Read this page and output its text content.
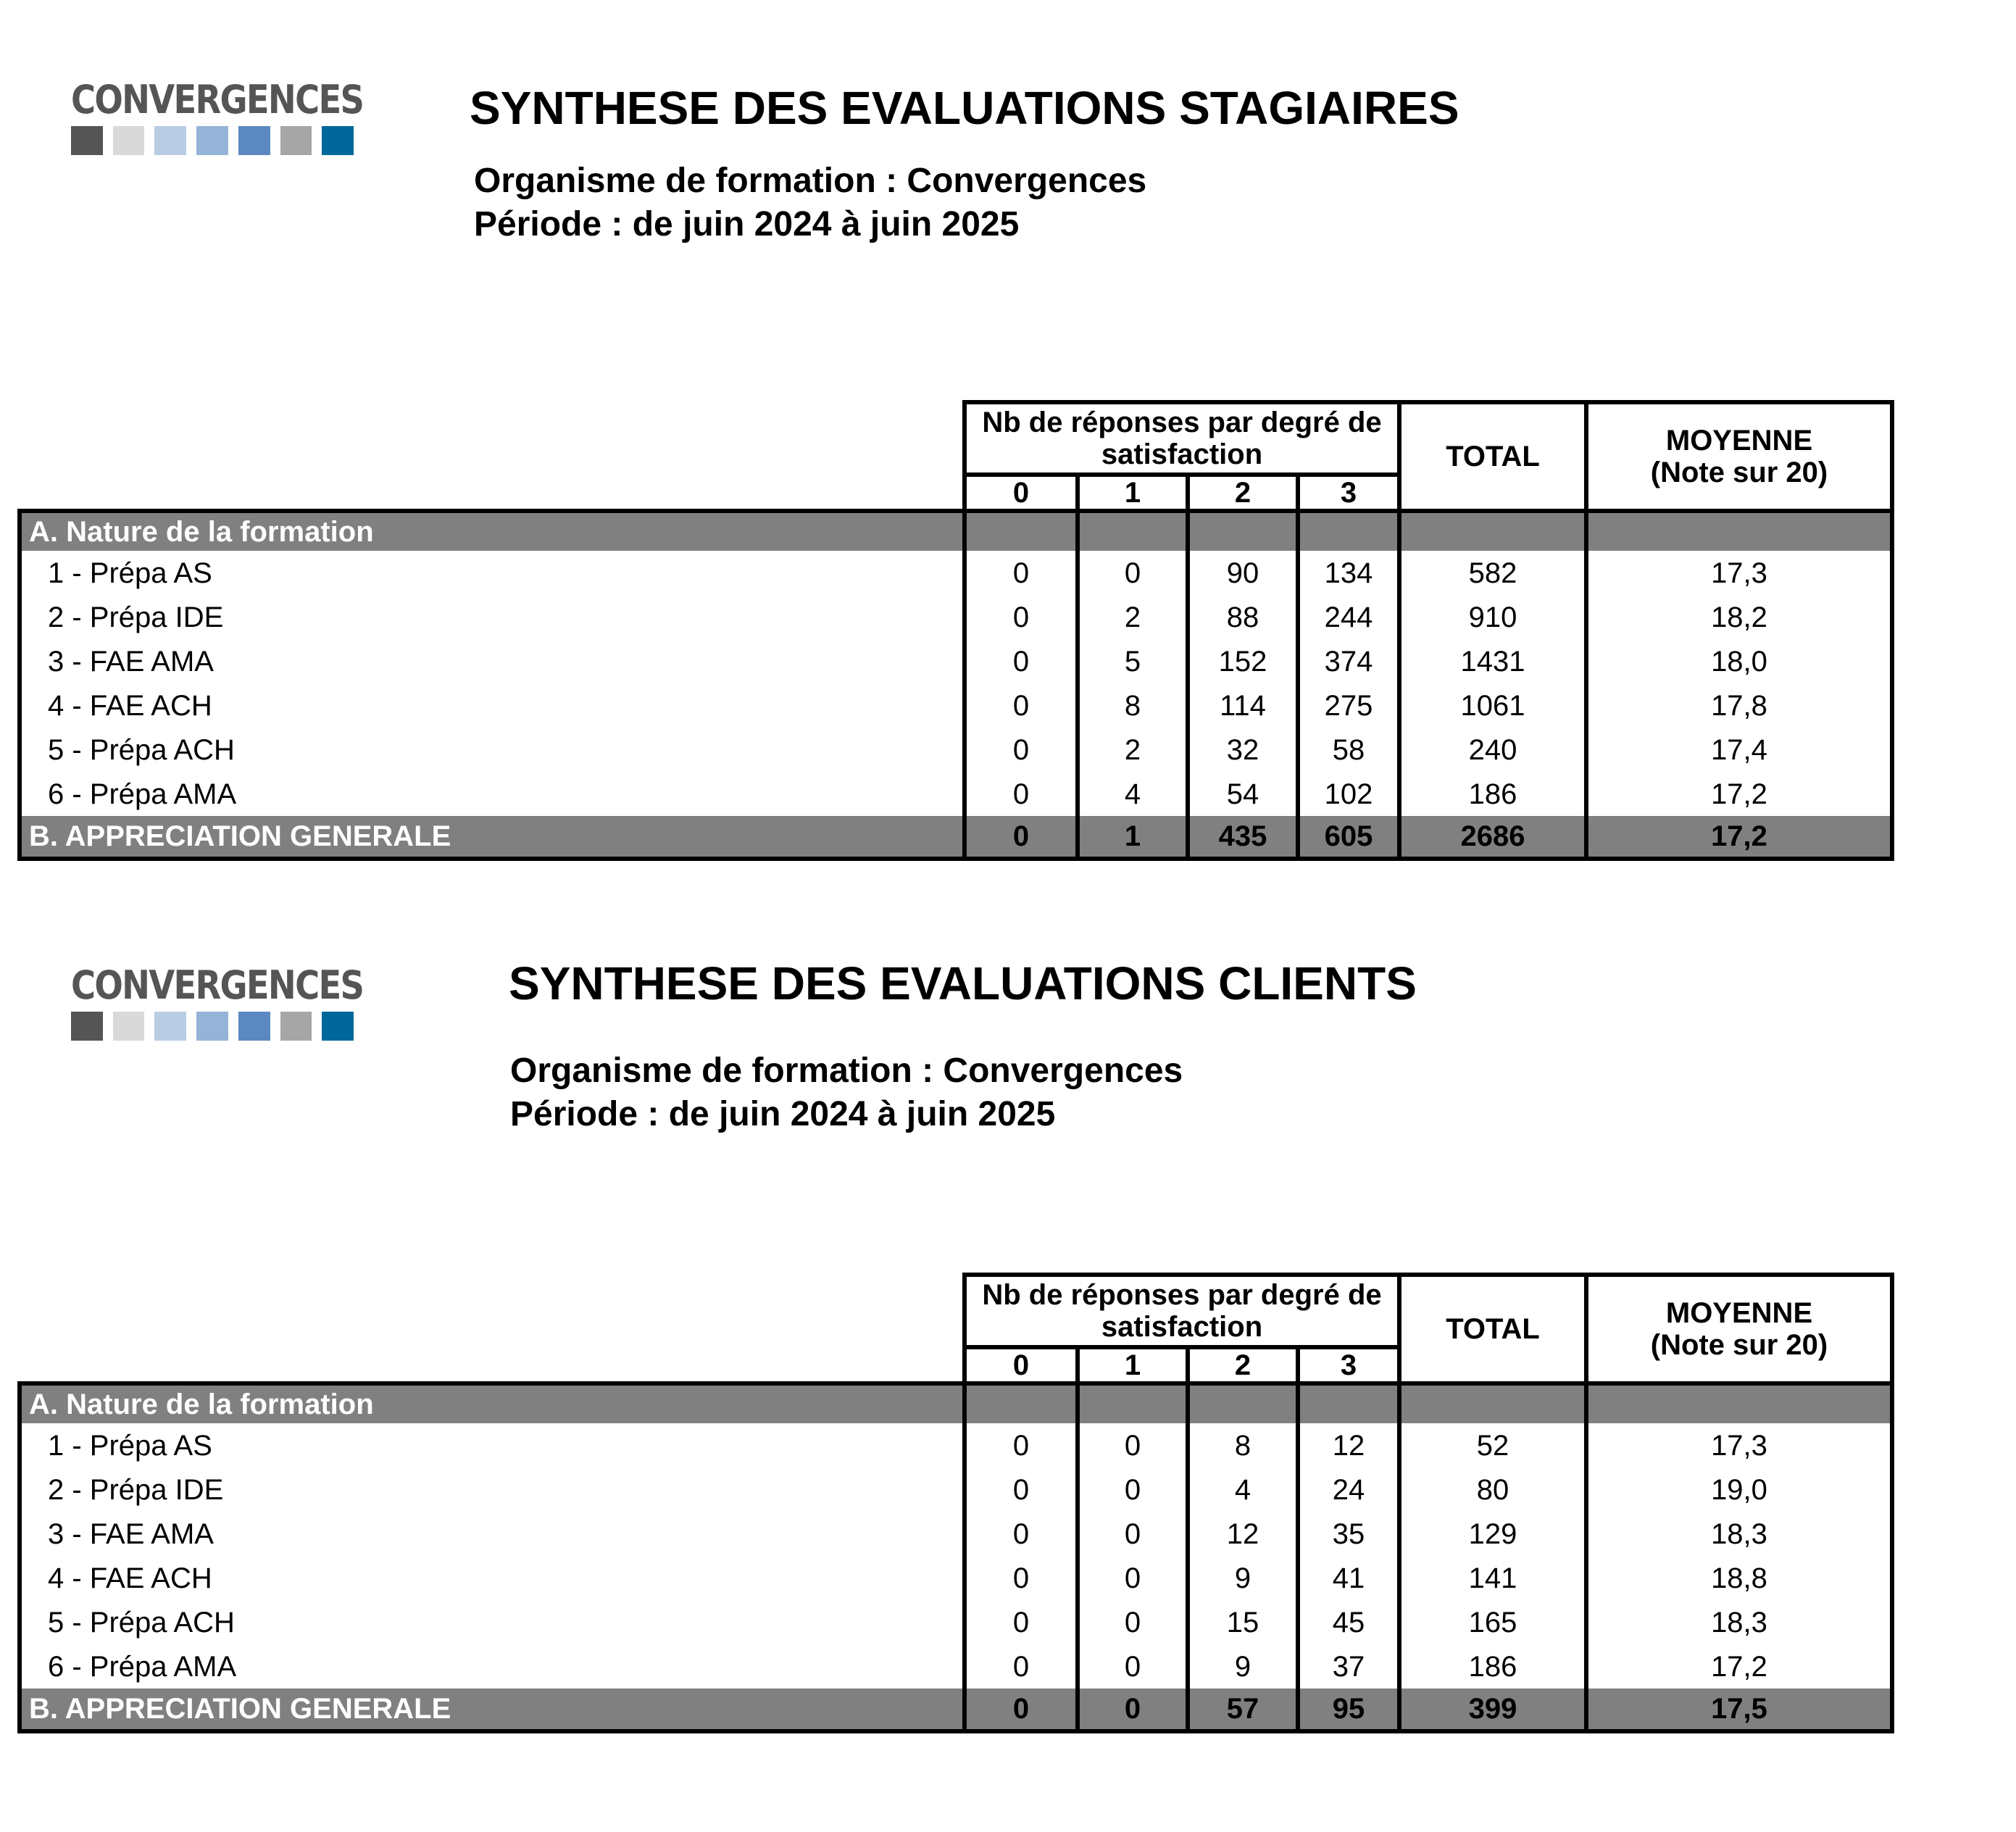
CONVERGENCES SYNTHESE DES EVALUATIONS STAGIAIRES
Organisme de formation : Convergences
Période : de juin 2024 à juin 2025
	Nb de réponses par degré de satisfaction				TOTAL	MOYENNE
(Note sur 20)

	0	1	2	3		
A. Nature de la formation						
1 - Prépa AS	0	0	90	134	582	17,3
2 - Prépa IDE	0	2	88	244	910	18,2
3 - FAE AMA	0	5	152	374	1431	18,0
4 - FAE ACH	0	8	114	275	1061	17,8
5 - Prépa ACH	0	2	32	58	240	17,4
6 - Prépa AMA	0	4	54	102	186	17,2
B. APPRECIATION GENERALE	0	1	435	605	2686	17,2
CONVERGENCES	SYNTHESE DES EVALUATIONS CLIENTS
Organisme de formation : Convergences
Période : de juin 2024 à juin 2025
	Nb de réponses par degré de satisfaction				TOTAL	MOYENNE
(Note sur 20)

	0	1	2	3		
A. Nature de la formation						
1 - Prépa AS	0	0	8	12	52	17,3
2 - Prépa IDE	0	0	4	24	80	19,0
3 - FAE AMA	0	0	12	35	129	18,3
4 - FAE ACH	0	0	9	41	141	18,8
5 - Prépa ACH	0	0	15	45	165	18,3
6 - Prépa AMA	0	0	9	37	186	17,2
B. APPRECIATION GENERALE	0	0	57	95	399	17,5
